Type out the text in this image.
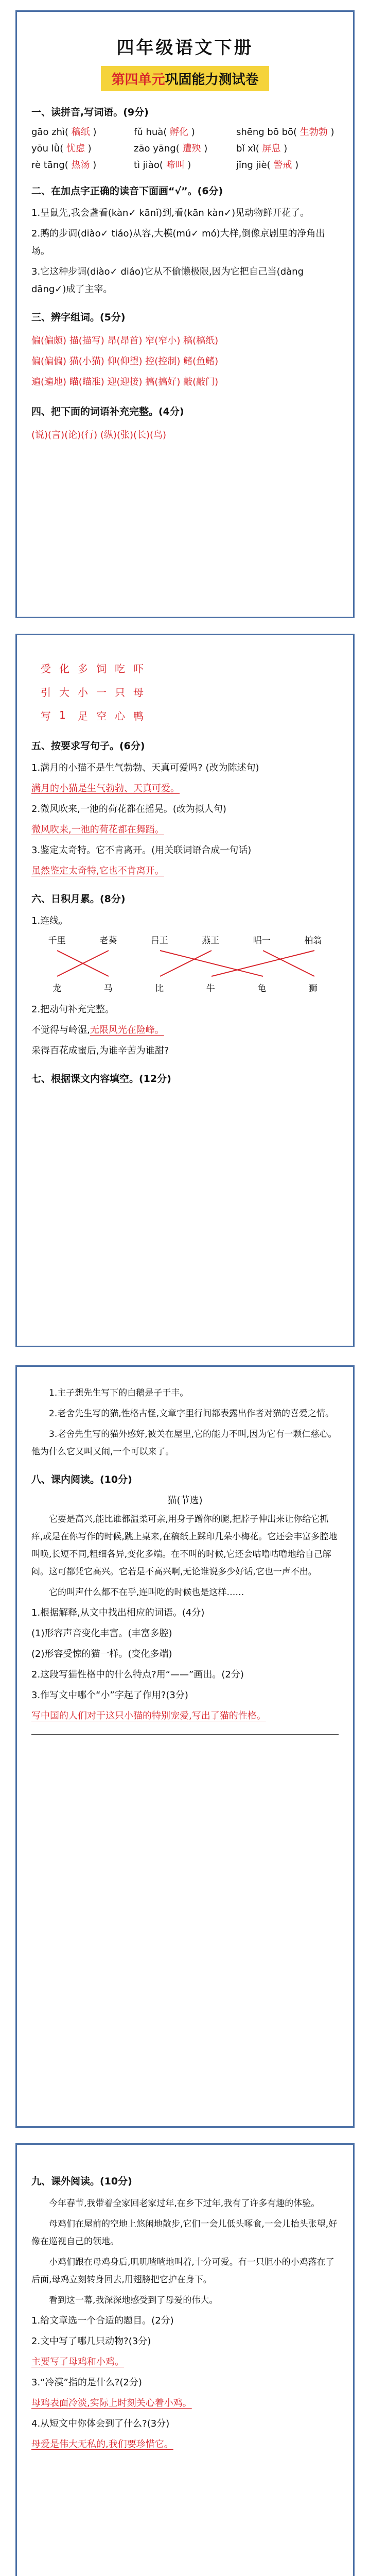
四年级语文下册
第四单元巩固能力测试卷
一、读拼音,写词语。(9分)
gāo zhì( 稿纸 )	fǔ huà( 孵化 )	shēng bō bō( 生勃勃 )
yōu lǜ( 忧虑 )	zāo yāng( 遭殃 )	bǐ xì( 屏息 )
rè tāng( 热汤 )	tì jiào( 啼叫 )	jǐng jiè( 警戒 )
二、在加点字正确的读音下面画“√”。(6分)

1.呈鼠先,我会盏看(kàn✓ kānǐ)到,看(kān kàn✓)见动物鲜开花了。

2.鹅的步调(diào✓ tiáo)从容,大模(mú✓ mó)大样,倒像京剧里的净角出场。

3.它这种步调(diào✓ diáo)它从不偷懒极限,因为它把自己当(dàng dāng✓)成了主宰。

三、辨字组词。(5分)
偏(偏颇) 描(描写) 昂(昂首) 窄(窄小) 稿(稿纸)
偏(偏偏) 猫(小猫) 仰(仰望) 控(控制) 鳍(鱼鳍)
遍(遍地) 瞄(瞄准) 迎(迎接) 搞(搞好) 敲(敲门)
四、把下面的词语补充完整。(4分)
(说)(言)(论)(行) (纵)(张)(长)(鸟)
受	化	多	饲	吃	吓
引	大	小	一	只	母
写	1	足	空	心	鸭
五、按要求写句子。(6分)

1.满月的小猫不是生气勃勃、天真可爱吗? (改为陈述句)

满月的小猫是生气勃勃、天真可爱。

2.微风吹来,一池的荷花都在摇晃。(改为拟人句)

微风吹来,一池的荷花都在舞蹈。

3.鉴定太奇特。它不肯离开。(用关联词语合成一句话)

虽然鉴定太奇特,它也不肯离开。

六、日积月累。(8分)

1.连线。

千里	老葵	吕王	燕王	唱一	柏翁
龙	马	比	牛	龟	狮

2.把动句补充完整。

不觉得与岭湿,无限风光在险峰。

采得百花成蜜后,为谁辛苦为谁甜?

七、根据课文内容填空。(12分)

1.主子想先生写下的白鹅是子于丰。

2.老舍先生写的猫,性格古怪,文章字里行间都表露出作者对猫的喜爱之情。

3.老舍先生写的猫外感好,被关在屋里,它的能力不叫,因为它有一颗仁慈心。他为什么它又叫又闹,一个可以来了。

八、课内阅读。(10分)
猫(节选)

它要是高兴,能比谁都温柔可亲,用身子蹭你的腿,把脖子伸出来让你给它抓痒,或是在你写作的时候,跳上桌来,在稿纸上踩印几朵小梅花。它还会丰富多腔地叫唤,长短不同,粗细各异,变化多端。在不叫的时候,它还会咕噜咕噜地给自己解闷。这可都凭它高兴。它若是不高兴啊,无论谁说多少好话,它也一声不出。

它的叫声什么都不在乎,连叫吃的时候也是这样……

1.根据解释,从文中找出相应的词语。(4分)

(1)形容声音变化丰富。(丰富多腔)

(2)形容受惊的猫一样。(变化多端)

2.这段写猫性格中的什么特点?用“——”画出。(2分)

3.作写文中哪个“小”字起了作用?(3分)

写中国的人们对于这只小猫的特别宠爱,写出了猫的性格。

九、课外阅读。(10分)

今年春节,我带着全家回老家过年,在乡下过年,我有了许多有趣的体验。

母鸡们在屋前的空地上悠闲地散步,它们一会儿低头啄食,一会儿抬头张望,好像在巡视自己的领地。

小鸡们跟在母鸡身后,叽叽喳喳地叫着,十分可爱。有一只胆小的小鸡落在了后面,母鸡立刻转身回去,用翅膀把它护在身下。

看到这一幕,我深深地感受到了母爱的伟大。

1.给文章选一个合适的题目。(2分)

2.文中写了哪几只动物?(3分)

主要写了母鸡和小鸡。

3.“冷漠”指的是什么?(2分)

母鸡表面冷淡,实际上时刻关心着小鸡。

4.从短文中你体会到了什么?(3分)

母爱是伟大无私的,我们要珍惜它。
